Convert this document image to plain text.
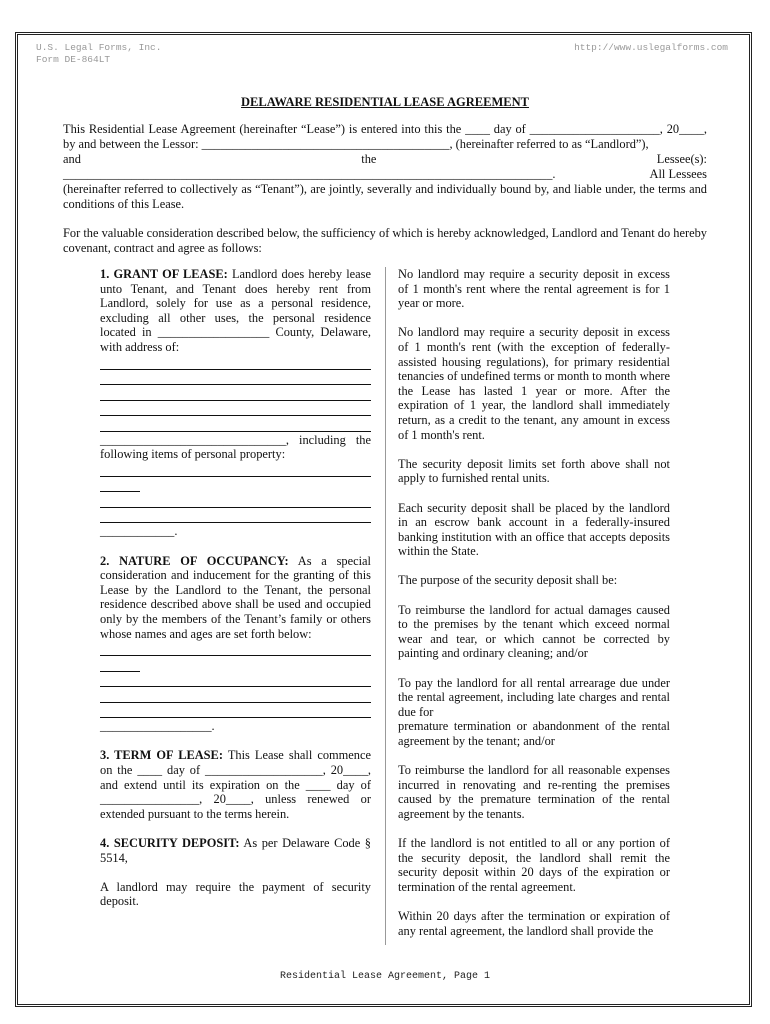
U.S. Legal Forms, Inc.
Form DE-864LT
http://www.uslegalforms.com
DELAWARE RESIDENTIAL LEASE AGREEMENT

This Residential Lease Agreement (hereinafter “Lease”) is entered into this the ____ day of _____________________, 20____, by and between the Lessor: ________________________________________, (hereinafter referred to as “Landlord”),
and	the	Lessee(s):
_______________________________________________________________________________.	All Lessees
(hereinafter referred to collectively as “Tenant”), are jointly, severally and individually bound by, and liable under, the terms and conditions of this Lease.

For the valuable consideration described below, the sufficiency of which is hereby acknowledged, Landlord and Tenant do hereby covenant, contract and agree as follows:

1. GRANT OF LEASE: Landlord does hereby lease unto Tenant, and Tenant does hereby rent from Landlord, solely for use as a personal residence, excluding all other uses, the personal residence located in __________________ County, Delaware, with address of:

______________________________, including the following items of personal property:

____________.

2. NATURE OF OCCUPANCY: As a special consideration and inducement for the granting of this Lease by the Landlord to the Tenant, the personal residence described above shall be used and occupied only by the members of the Tenant’s family or others whose names and ages are set forth below:

__________________.

3. TERM OF LEASE: This Lease shall commence on the ____ day of ___________________, 20____, and extend until its expiration on the ____ day of ________________, 20____, unless renewed or extended pursuant to the terms herein.

4. SECURITY DEPOSIT: As per Delaware Code § 5514,

A landlord may require the payment of security deposit.

No landlord may require a security deposit in excess of 1 month's rent where the rental agreement is for 1 year or more.

No landlord may require a security deposit in excess of 1 month's rent (with the exception of federally-assisted housing regulations), for primary residential tenancies of undefined terms or month to month where the Lease has lasted 1 year or more. After the expiration of 1 year, the landlord shall immediately return, as a credit to the tenant, any amount in excess of 1 month's rent.

The security deposit limits set forth above shall not apply to furnished rental units.

Each security deposit shall be placed by the landlord in an escrow bank account in a federally-insured banking institution with an office that accepts deposits within the State.

The purpose of the security deposit shall be:

To reimburse the landlord for actual damages caused to the premises by the tenant which exceed normal wear and tear, or which cannot be corrected by painting and ordinary cleaning; and/or

To pay the landlord for all rental arrearage due under the rental agreement, including late charges and rental due for
premature termination or abandonment of the rental agreement by the tenant; and/or

To reimburse the landlord for all reasonable expenses incurred in renovating and re-renting the premises caused by the premature termination of the rental agreement by the tenants.

If the landlord is not entitled to all or any portion of the security deposit, the landlord shall remit the security deposit within 20 days of the expiration or termination of the rental agreement.

Within 20 days after the termination or expiration of any rental agreement, the landlord shall provide the

Residential Lease Agreement, Page 1
